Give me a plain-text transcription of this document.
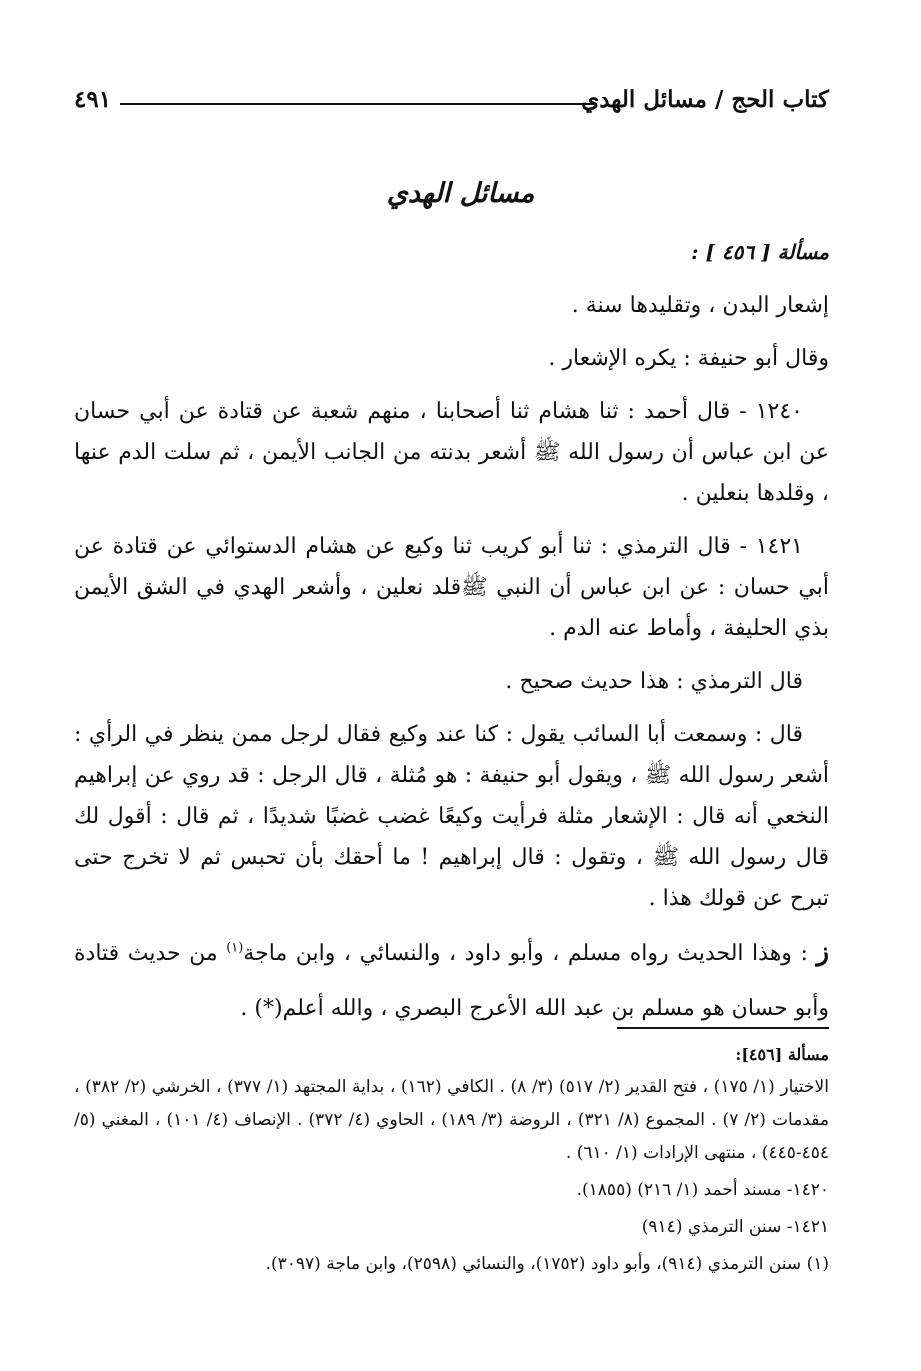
كتاب الحج / مسائل الهدي
٤٩١
مسائل الهدي

مسألة [ ٤٥٦ ] :

إشعار البدن ، وتقليدها سنة .

وقال أبو حنيفة : يكره الإشعار .

١٢٤٠ - قال أحمد : ثنا هشام ثنا أصحابنا ، منهم شعبة عن قتادة عن أبي حسان عن ابن عباس أن رسول الله ﷺ أشعر بدنته من الجانب الأيمن ، ثم سلت الدم عنها ، وقلدها بنعلين .

١٤٢١ - قال الترمذي : ثنا أبو كريب ثنا وكيع عن هشام الدستوائي عن قتادة عن أبي حسان : عن ابن عباس أن النبي ﷺقلد نعلين ، وأشعر الهدي في الشق الأيمن بذي الحليفة ، وأماط عنه الدم .

قال الترمذي : هذا حديث صحيح .

قال : وسمعت أبا السائب يقول : كنا عند وكيع فقال لرجل ممن ينظر في الرأي : أشعر رسول الله ﷺ ، ويقول أبو حنيفة : هو مُثلة ، قال الرجل : قد روي عن إبراهيم النخعي أنه قال : الإشعار مثلة فرأيت وكيعًا غضب غضبًا شديدًا ، ثم قال : أقول لك قال رسول الله ﷺ ، وتقول : قال إبراهيم ! ما أحقك بأن تحبس ثم لا تخرج حتى تبرح عن قولك هذا .

ز : وهذا الحديث رواه مسلم ، وأبو داود ، والنسائي ، وابن ماجة$^{(١)}$ من حديث قتادة وأبو حسان هو مسلم بن عبد الله الأعرج البصري ، والله أعلم(*) .

مسألة [٤٥٦]:

الاختيار (١/ ١٧٥) ، فتح القدير (٢/ ٥١٧) (٣/ ٨) . الكافي (١٦٢) ، بداية المجتهد (١/ ٣٧٧) ، الخرشي (٢/ ٣٨٢) ، مقدمات (٢/ ٧) . المجموع (٨/ ٣٢١) ، الروضة (٣/ ١٨٩) ، الحاوي (٤/ ٣٧٢) . الإنصاف (٤/ ١٠١) ، المغني (٥/ ٤٥٤-٤٤٥) ، منتهى الإرادات (١/ ٦١٠) .

١٤٢٠- مسند أحمد (١/ ٢١٦) (١٨٥٥).

١٤٢١- سنن الترمذي (٩١٤)

(١) سنن الترمذي (٩١٤)، وأبو داود (١٧٥٢)، والنسائي (٢٥٩٨)، وابن ماجة (٣٠٩٧).
